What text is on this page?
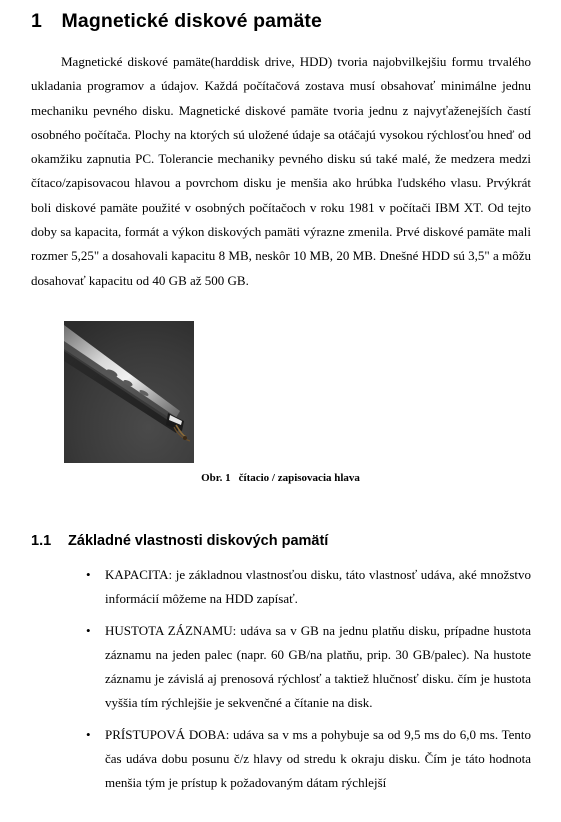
1 Magnetické diskové pamäte

Magnetické diskové pamäte(harddisk drive, HDD) tvoria najobvilkejšiu formu trvalého ukladania programov a údajov. Každá počítačová zostava musí obsahovať minimálne jednu mechaniku pevného disku. Magnetické diskové pamäte tvoria jednu z najvyťaženejších častí osobného počítača. Plochy na ktorých sú uložené údaje sa otáčajú vysokou rýchlosťou hneď od okamžiku zapnutia PC. Tolerancie mechaniky pevného disku sú také malé, že medzera medzi čítaco/zapisovacou hlavou a povrchom disku je menšia ako hrúbka ľudského vlasu. Prvýkrát boli diskové pamäte použité v osobných počítačoch v roku 1981 v počítači IBM XT. Od tejto doby sa kapacita, formát a výkon diskových pamäti výrazne zmenila. Prvé diskové pamäte mali rozmer 5,25" a dosahovali kapacitu 8 MB, neskôr 10 MB, 20 MB. Dnešné HDD sú 3,5" a môžu dosahovať kapacitu od 40 GB až 500 GB.

Obr. 1 čítacio / zapisovacia hlava
1.1 Základné vlastnosti diskových pamätí
• KAPACITA: je základnou vlastnosťou disku, táto vlastnosť udáva, aké množstvo informácií môžeme na HDD zapísať.
• HUSTOTA ZÁZNAMU: udáva sa v GB na jednu platňu disku, prípadne hustota záznamu na jeden palec (napr. 60 GB/na platňu, prip. 30 GB/palec). Na hustote záznamu je závislá aj prenosová rýchlosť a taktiež hlučnosť disku. čím je hustota vyššia tím rýchlejšie je sekvenčné a čítanie na disk.
• PRÍSTUPOVÁ DOBA: udáva sa v ms a pohybuje sa od 9,5 ms do 6,0 ms. Tento čas udáva dobu posunu č/z hlavy od stredu k okraju disku. Čím je táto hodnota menšia tým je prístup k požadovaným dátam rýchlejší
